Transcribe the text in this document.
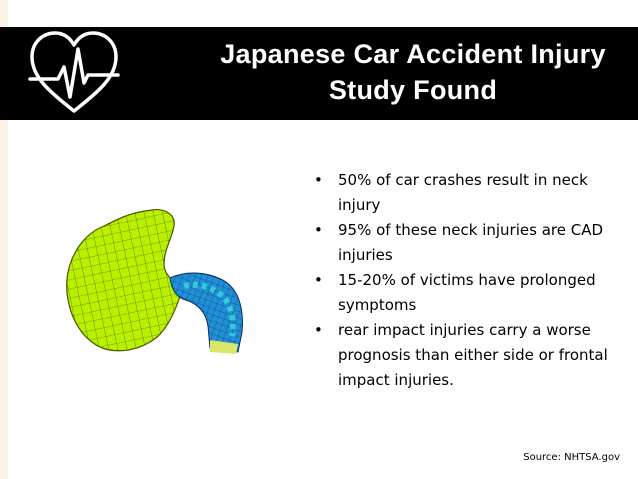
Japanese Car Accident Injury
Study Found
• 50% of car crashes result in neck injury
• 95% of these neck injuries are CAD injuries
• 15-20% of victims have prolonged symptoms
• rear impact injuries carry a worse prognosis than either side or frontal impact injuries.
Source: NHTSA.gov
